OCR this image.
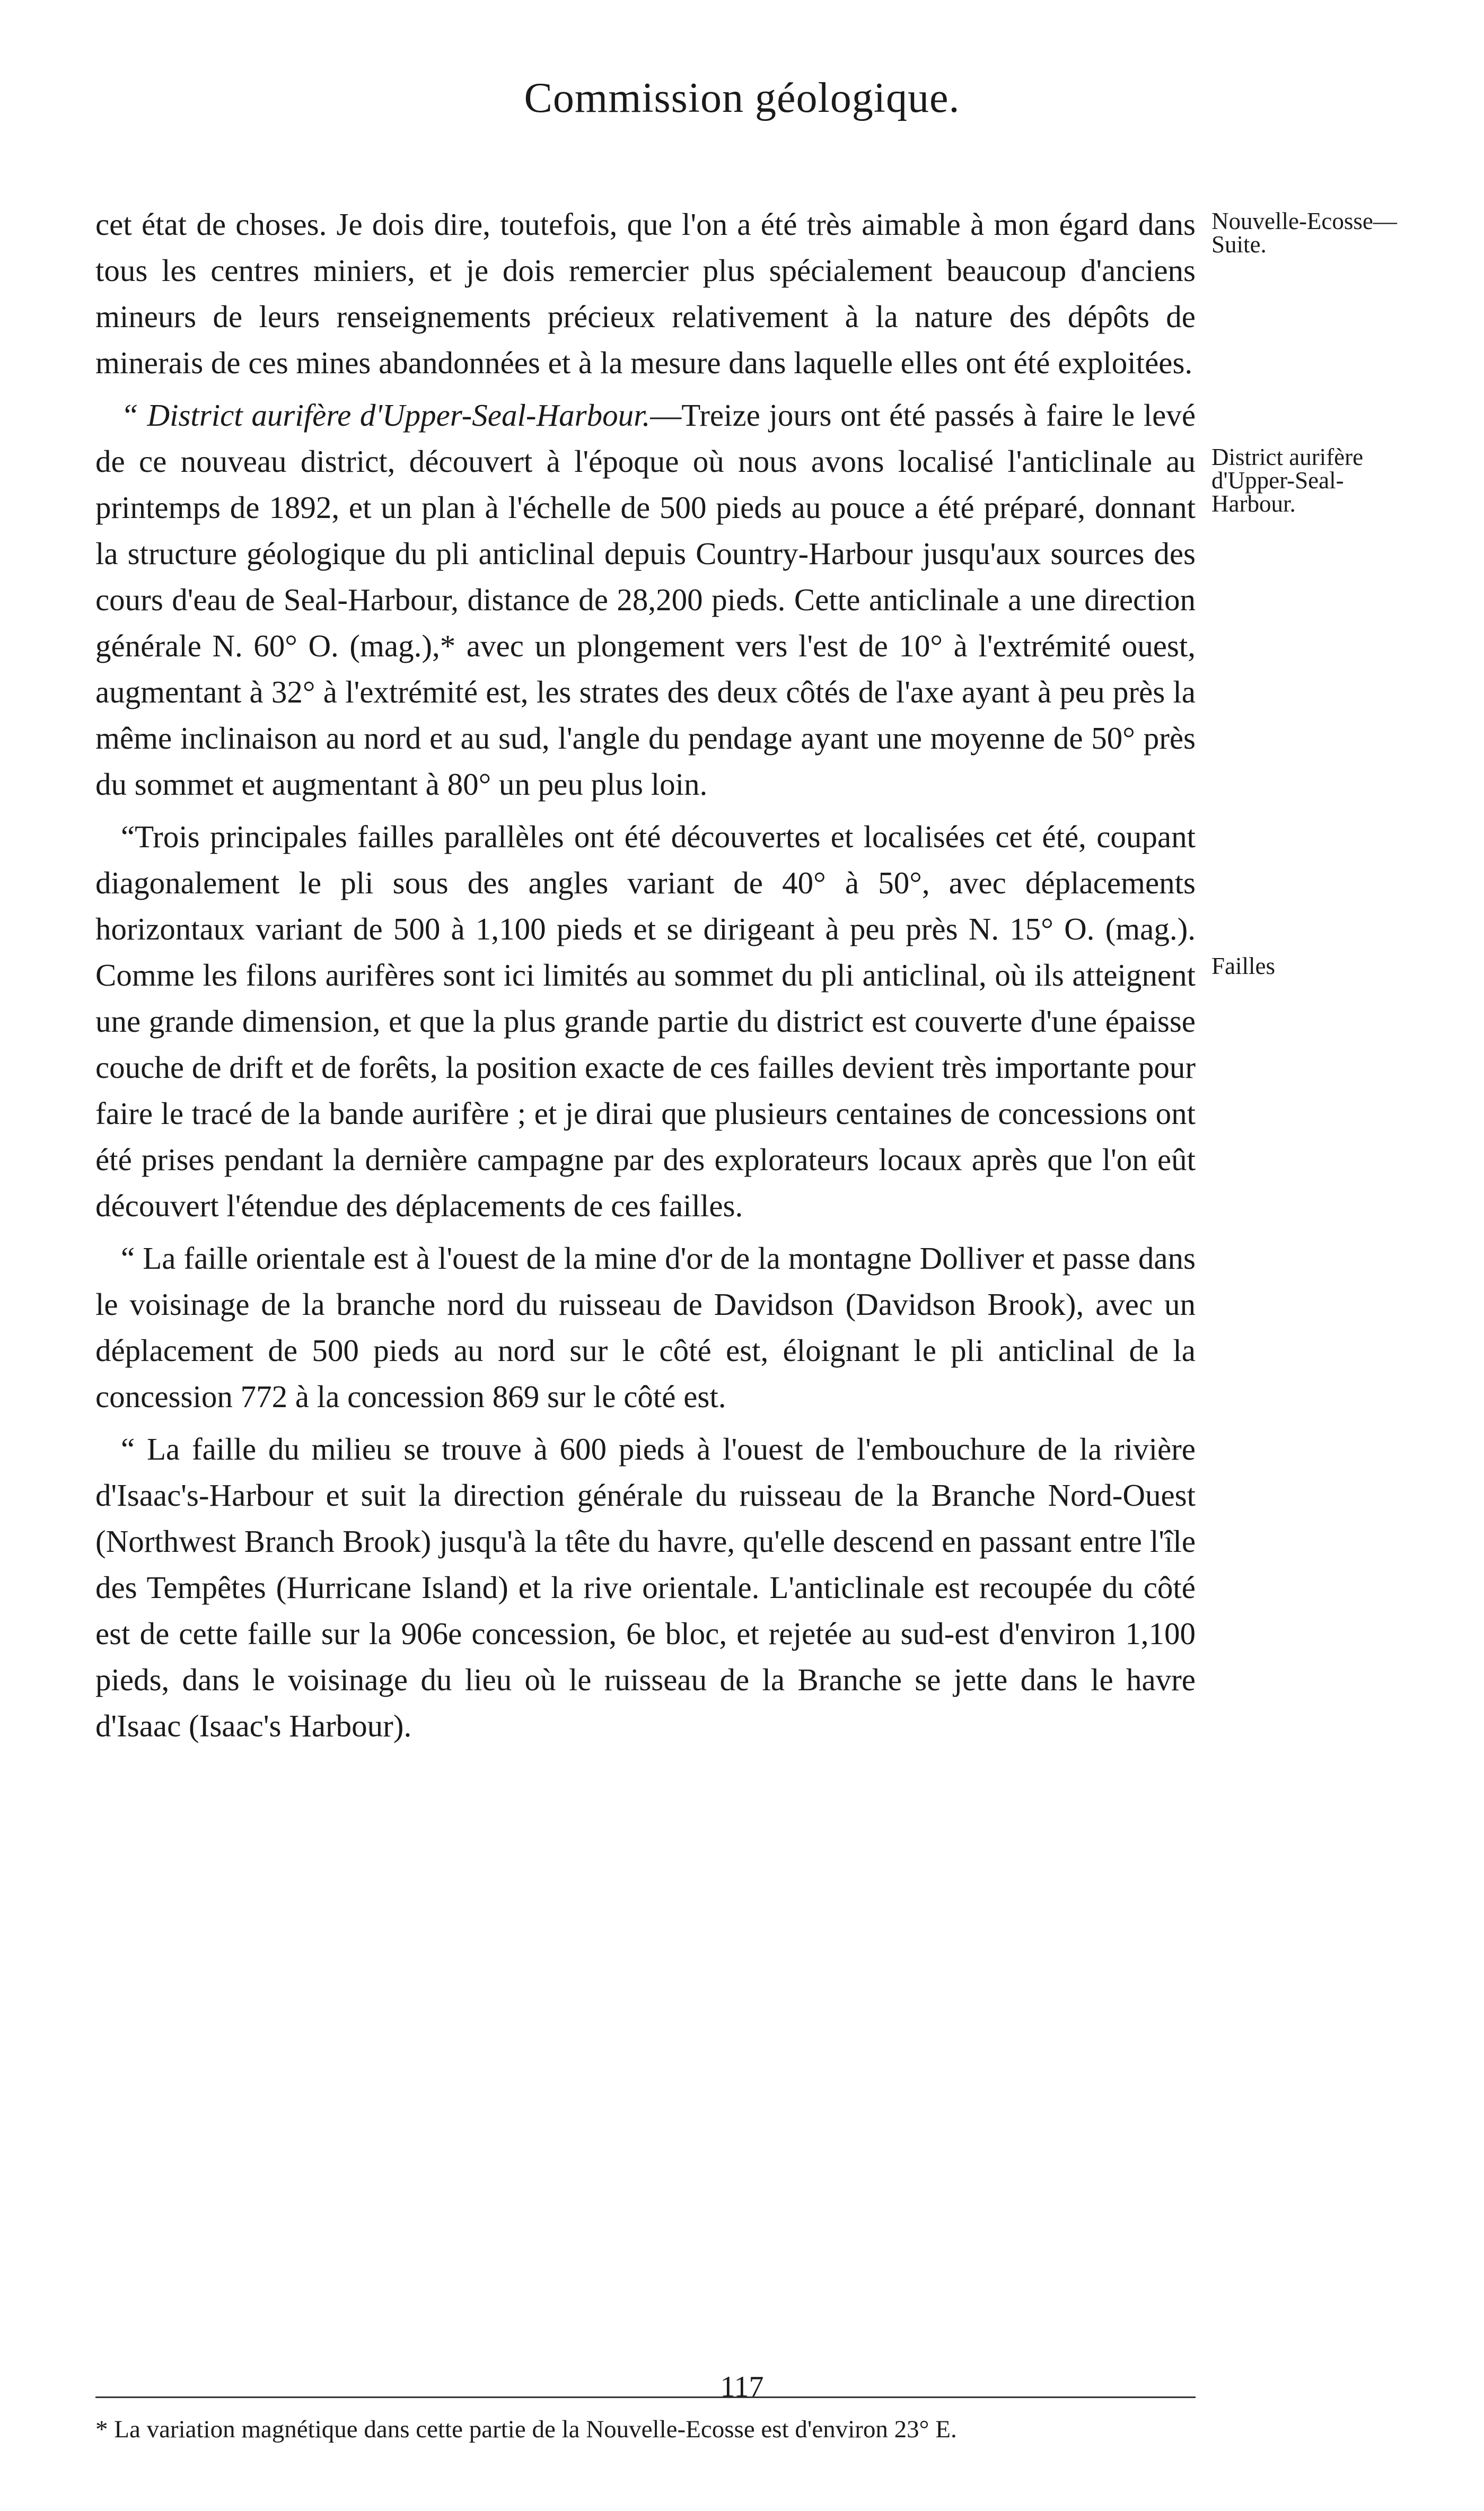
Commission géologique.
Nouvelle-Ecosse—Suite.
District aurifère d'Upper-Seal-Harbour.
Failles

cet état de choses. Je dois dire, toutefois, que l'on a été très aimable à mon égard dans tous les centres miniers, et je dois remercier plus spécialement beaucoup d'anciens mineurs de leurs renseignements précieux relativement à la nature des dépôts de minerais de ces mines abandonnées et à la mesure dans laquelle elles ont été exploitées.

“ District aurifère d'Upper-Seal-Harbour.—Treize jours ont été passés à faire le levé de ce nouveau district, découvert à l'époque où nous avons localisé l'anticlinale au printemps de 1892, et un plan à l'échelle de 500 pieds au pouce a été préparé, donnant la structure géologique du pli anticlinal depuis Country-Harbour jusqu'aux sources des cours d'eau de Seal-Harbour, distance de 28,200 pieds. Cette anticlinale a une direction générale N. 60° O. (mag.),* avec un plongement vers l'est de 10° à l'extrémité ouest, augmentant à 32° à l'extrémité est, les strates des deux côtés de l'axe ayant à peu près la même inclinaison au nord et au sud, l'angle du pendage ayant une moyenne de 50° près du sommet et augmentant à 80° un peu plus loin.

“Trois principales failles parallèles ont été découvertes et localisées cet été, coupant diagonalement le pli sous des angles variant de 40° à 50°, avec déplacements horizontaux variant de 500 à 1,100 pieds et se dirigeant à peu près N. 15° O. (mag.). Comme les filons aurifères sont ici limités au sommet du pli anticlinal, où ils atteignent une grande dimension, et que la plus grande partie du district est couverte d'une épaisse couche de drift et de forêts, la position exacte de ces failles devient très importante pour faire le tracé de la bande aurifère ; et je dirai que plusieurs centaines de concessions ont été prises pendant la dernière campagne par des explorateurs locaux après que l'on eût découvert l'étendue des déplacements de ces failles.

“ La faille orientale est à l'ouest de la mine d'or de la montagne Dolliver et passe dans le voisinage de la branche nord du ruisseau de Davidson (Davidson Brook), avec un déplacement de 500 pieds au nord sur le côté est, éloignant le pli anticlinal de la concession 772 à la concession 869 sur le côté est.

“ La faille du milieu se trouve à 600 pieds à l'ouest de l'embouchure de la rivière d'Isaac's-Harbour et suit la direction générale du ruisseau de la Branche Nord-Ouest (Northwest Branch Brook) jusqu'à la tête du havre, qu'elle descend en passant entre l'île des Tempêtes (Hurricane Island) et la rive orientale. L'anticlinale est recoupée du côté est de cette faille sur la 906e concession, 6e bloc, et rejetée au sud-est d'environ 1,100 pieds, dans le voisinage du lieu où le ruisseau de la Branche se jette dans le havre d'Isaac (Isaac's Harbour).

* La variation magnétique dans cette partie de la Nouvelle-Ecosse est d'environ 23° E.
117
